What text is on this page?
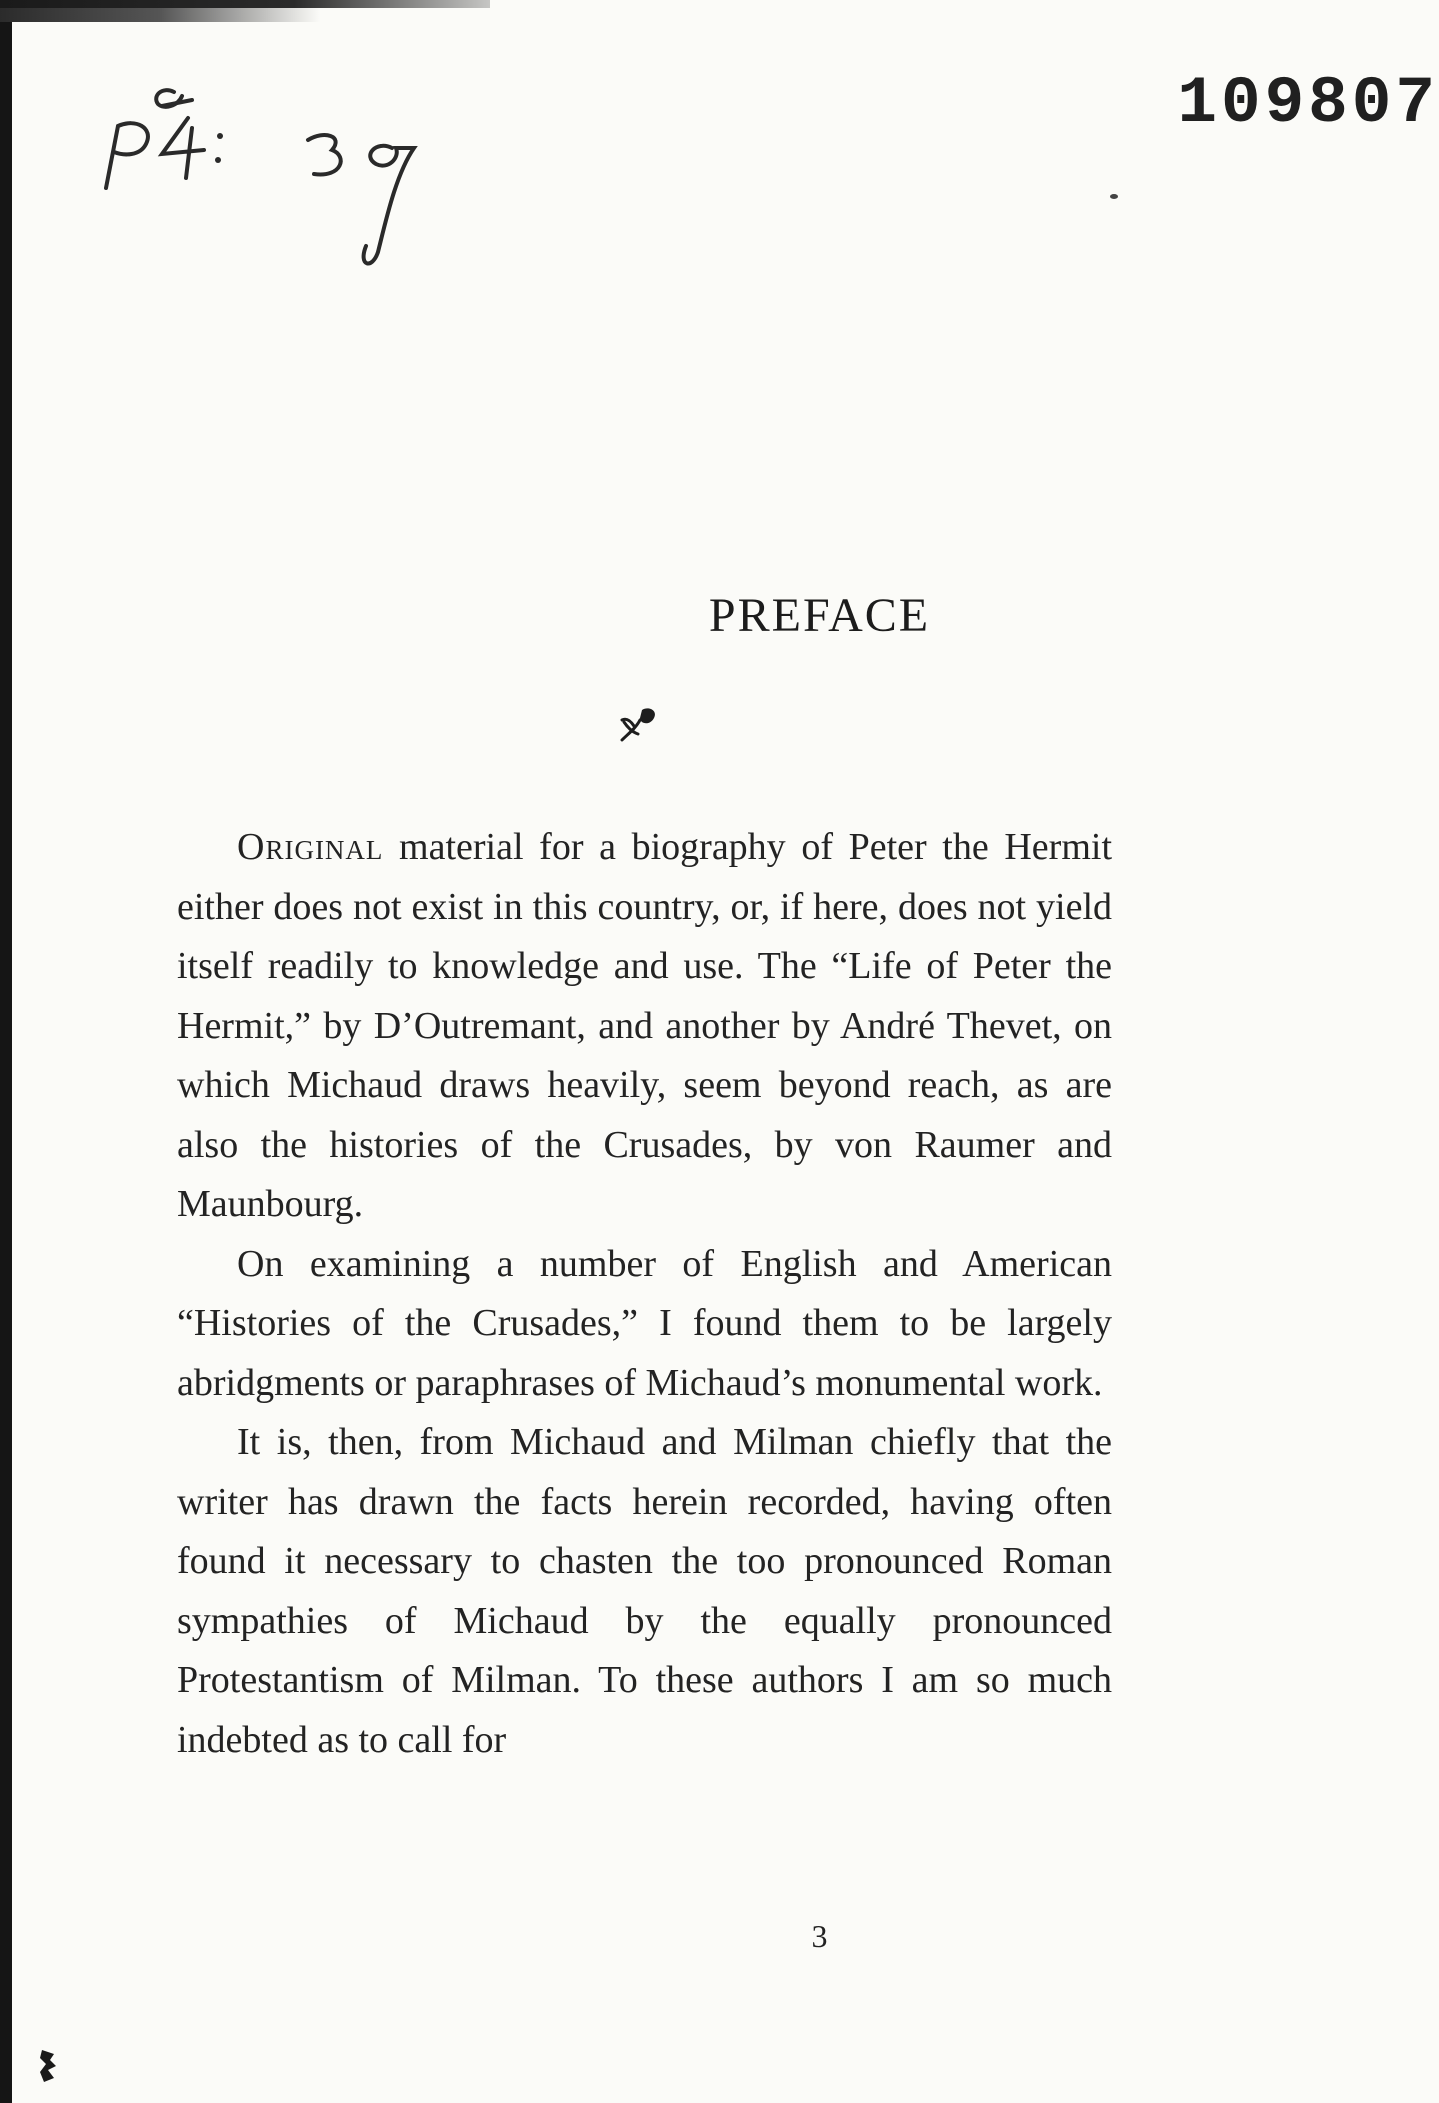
109807
PREFACE

Original material for a biography of Peter the Hermit either does not exist in this country, or, if here, does not yield itself readily to knowledge and use. The “Life of Peter the Hermit,” by D’Outremant, and another by André Thevet, on which Michaud draws heavily, seem beyond reach, as are also the histories of the Crusades, by von Raumer and Maunbourg.

On examining a number of English and American “Histories of the Crusades,” I found them to be largely abridgments or paraphrases of Michaud’s monumental work.

It is, then, from Michaud and Milman chiefly that the writer has drawn the facts herein recorded, having often found it necessary to chasten the too pronounced Roman sympathies of Michaud by the equally pronounced Protestantism of Milman. To these authors I am so much indebted as to call for

3
